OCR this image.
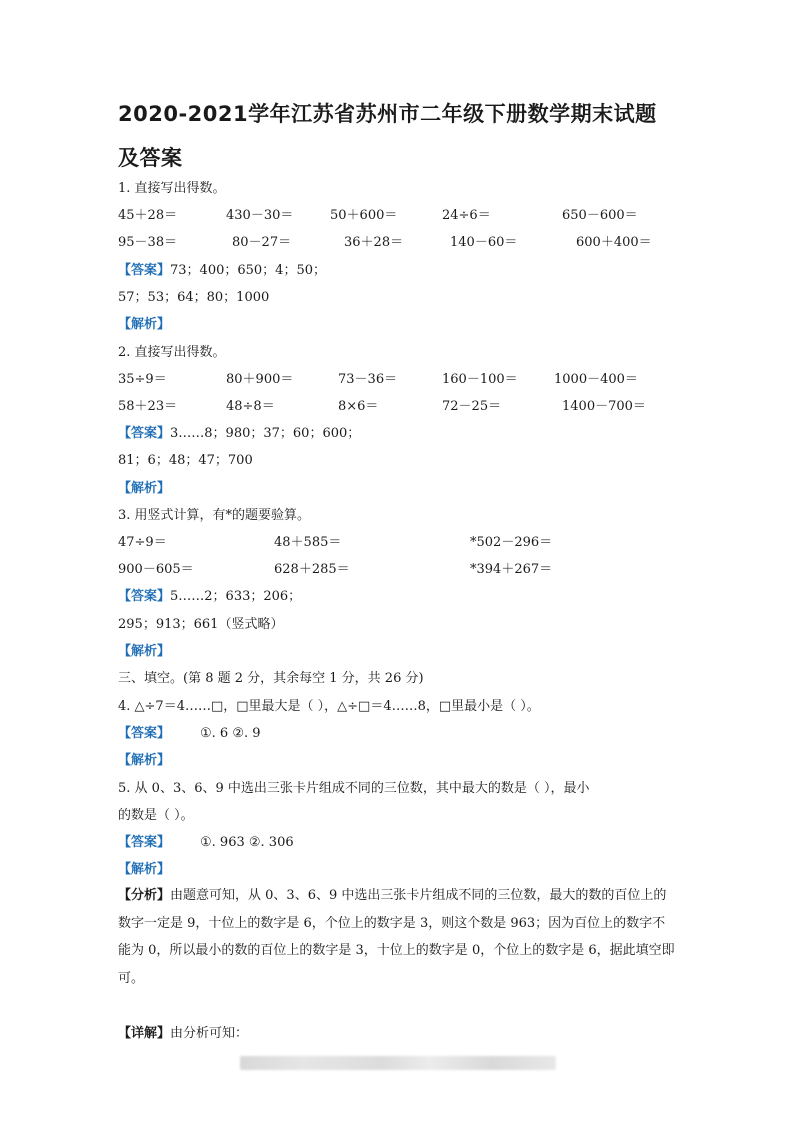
2020-2021学年江苏省苏州市二年级下册数学期末试题及答案
1. 直接写出得数。
45＋28＝	430－30＝	50＋600＝	24÷6＝	650－600＝
95－38＝	80－27＝	36＋28＝	140－60＝	600＋400＝
【答案】73；400；650；4；50；
57；53；64；80；1000
【解析】
2. 直接写出得数。
35÷9＝	80＋900＝	73－36＝	160－100＝	1000－400＝
58＋23＝	48÷8＝	8×6＝	72－25＝	1400－700＝
【答案】3……8；980；37；60；600；
81；6；48；47；700
【解析】
3. 用竖式计算，有*的题要验算。
47÷9＝	48＋585＝	*502－296＝
900－605＝	628＋285＝	*394＋267＝
【答案】5……2；633；206；
295；913；661（竖式略）
【解析】
三、填空。(第 8 题 2 分，其余每空 1 分，共 26 分)
4. △÷7＝4……□，□里最大是（ ），△÷□＝4……8，□里最小是（ ）。
【答案】 ①. 6 ②. 9
【解析】
5. 从 0、3、6、9 中选出三张卡片组成不同的三位数，其中最大的数是（ ），最小
的数是（ ）。
【答案】 ①. 963 ②. 306
【解析】
【分析】由题意可知，从 0、3、6、9 中选出三张卡片组成不同的三位数，最大的数的百位上的数字一定是 9，十位上的数字是 6，个位上的数字是 3，则这个数是 963；因为百位上的数字不能为 0，所以最小的数的百位上的数字是 3，十位上的数字是 0，个位上的数字是 6，据此填空即可。
【详解】由分析可知：
